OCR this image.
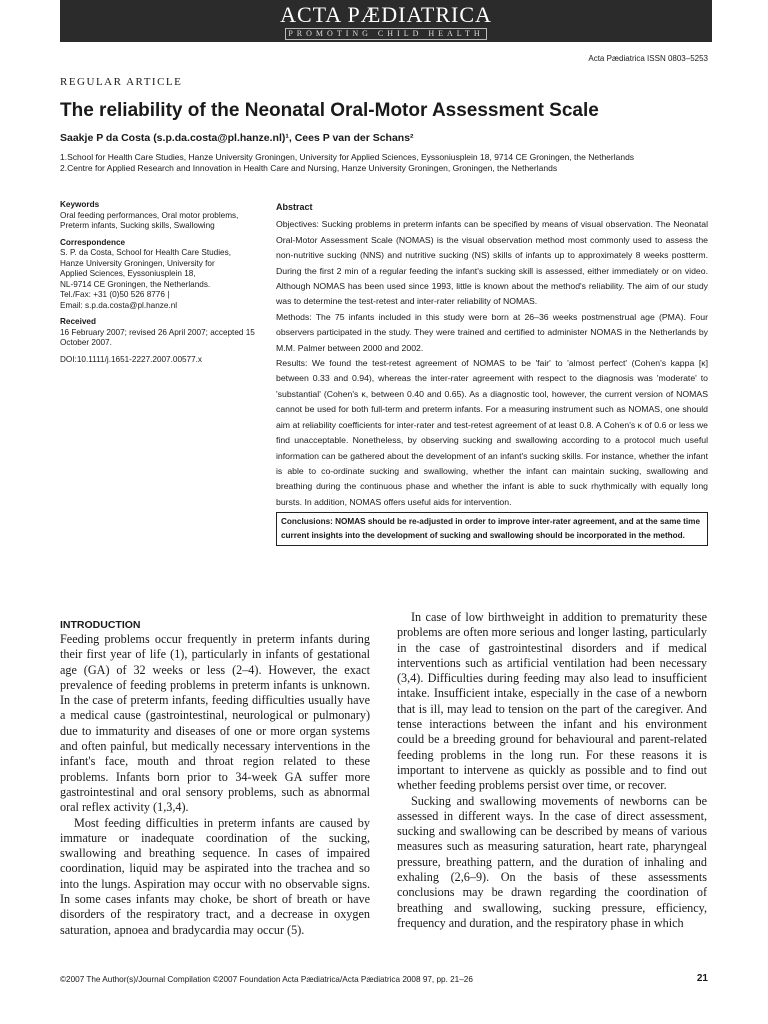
ACTA PÆDIATRICA
PROMOTING CHILD HEALTH
Acta Pædiatrica ISSN 0803–5253
REGULAR ARTICLE
The reliability of the Neonatal Oral-Motor Assessment Scale
Saakje P da Costa (s.p.da.costa@pl.hanze.nl)¹, Cees P van der Schans²
1.School for Health Care Studies, Hanze University Groningen, University for Applied Sciences, Eyssoniusplein 18, 9714 CE Groningen, the Netherlands
2.Centre for Applied Research and Innovation in Health Care and Nursing, Hanze University Groningen, Groningen, the Netherlands
Keywords
Oral feeding performances, Oral motor problems, Preterm infants, Sucking skills, Swallowing
Correspondence
S. P. da Costa, School for Health Care Studies,
Hanze University Groningen, University for
Applied Sciences, Eyssoniusplein 18,
NL-9714 CE Groningen, the Netherlands.
Tel./Fax: +31 (0)50 526 8776 |
Email: s.p.da.costa@pl.hanze.nl
Received
16 February 2007; revised 26 April 2007; accepted 15 October 2007.
DOI:10.1111/j.1651-2227.2007.00577.x
Abstract

Objectives: Sucking problems in preterm infants can be specified by means of visual observation. The Neonatal Oral-Motor Assessment Scale (NOMAS) is the visual observation method most commonly used to assess the non-nutritive sucking (NNS) and nutritive sucking (NS) skills of infants up to approximately 8 weeks postterm. During the first 2 min of a regular feeding the infant's sucking skill is assessed, either immediately or on video. Although NOMAS has been used since 1993, little is known about the method's reliability. The aim of our study was to determine the test-retest and inter-rater reliability of NOMAS.

Methods: The 75 infants included in this study were born at 26–36 weeks postmenstrual age (PMA). Four observers participated in the study. They were trained and certified to administer NOMAS in the Netherlands by M.M. Palmer between 2000 and 2002.

Results: We found the test-retest agreement of NOMAS to be 'fair' to 'almost perfect' (Cohen's kappa [κ] between 0.33 and 0.94), whereas the inter-rater agreement with respect to the diagnosis was 'moderate' to 'substantial' (Cohen's κ, between 0.40 and 0.65). As a diagnostic tool, however, the current version of NOMAS cannot be used for both full-term and preterm infants. For a measuring instrument such as NOMAS, one should aim at reliability coefficients for inter-rater and test-retest agreement of at least 0.8. A Cohen's κ of 0.6 or less we find unacceptable. Nonetheless, by observing sucking and swallowing according to a protocol much useful information can be gathered about the development of an infant's sucking skills. For instance, whether the infant is able to co-ordinate sucking and swallowing, whether the infant can maintain sucking, swallowing and breathing during the continuous phase and whether the infant is able to suck rhythmically with equally long bursts. In addition, NOMAS offers useful aids for intervention.

Conclusions: NOMAS should be re-adjusted in order to improve inter-rater agreement, and at the same time current insights into the development of sucking and swallowing should be incorporated in the method.
INTRODUCTION

Feeding problems occur frequently in preterm infants during their first year of life (1), particularly in infants of gestational age (GA) of 32 weeks or less (2–4). However, the exact prevalence of feeding problems in preterm infants is unknown. In the case of preterm infants, feeding difficulties usually have a medical cause (gastrointestinal, neurological or pulmonary) due to immaturity and diseases of one or more organ systems and often painful, but medically necessary interventions in the infant's face, mouth and throat region related to these problems. Infants born prior to 34-week GA suffer more gastrointestinal and oral sensory problems, such as abnormal oral reflex activity (1,3,4).

Most feeding difficulties in preterm infants are caused by immature or inadequate coordination of the sucking, swallowing and breathing sequence. In cases of impaired coordination, liquid may be aspirated into the trachea and so into the lungs. Aspiration may occur with no observable signs. In some cases infants may choke, be short of breath or have disorders of the respiratory tract, and a decrease in oxygen saturation, apnoea and bradycardia may occur (5).

In case of low birthweight in addition to prematurity these problems are often more serious and longer lasting, particularly in the case of gastrointestinal disorders and if medical interventions such as artificial ventilation had been necessary (3,4). Difficulties during feeding may also lead to insufficient intake. Insufficient intake, especially in the case of a newborn that is ill, may lead to tension on the part of the caregiver. And tense interactions between the infant and his environment could be a breeding ground for behavioural and parent-related feeding problems in the long run. For these reasons it is important to intervene as quickly as possible and to find out whether feeding problems persist over time, or recover.

Sucking and swallowing movements of newborns can be assessed in different ways. In the case of direct assessment, sucking and swallowing can be described by means of various measures such as measuring saturation, heart rate, pharyngeal pressure, breathing pattern, and the duration of inhaling and exhaling (2,6–9). On the basis of these assessments conclusions may be drawn regarding the coordination of breathing and swallowing, sucking pressure, efficiency, frequency and duration, and the respiratory phase in which

©2007 The Author(s)/Journal Compilation ©2007 Foundation Acta Pædiatrica/Acta Pædiatrica 2008 97, pp. 21–26	21
